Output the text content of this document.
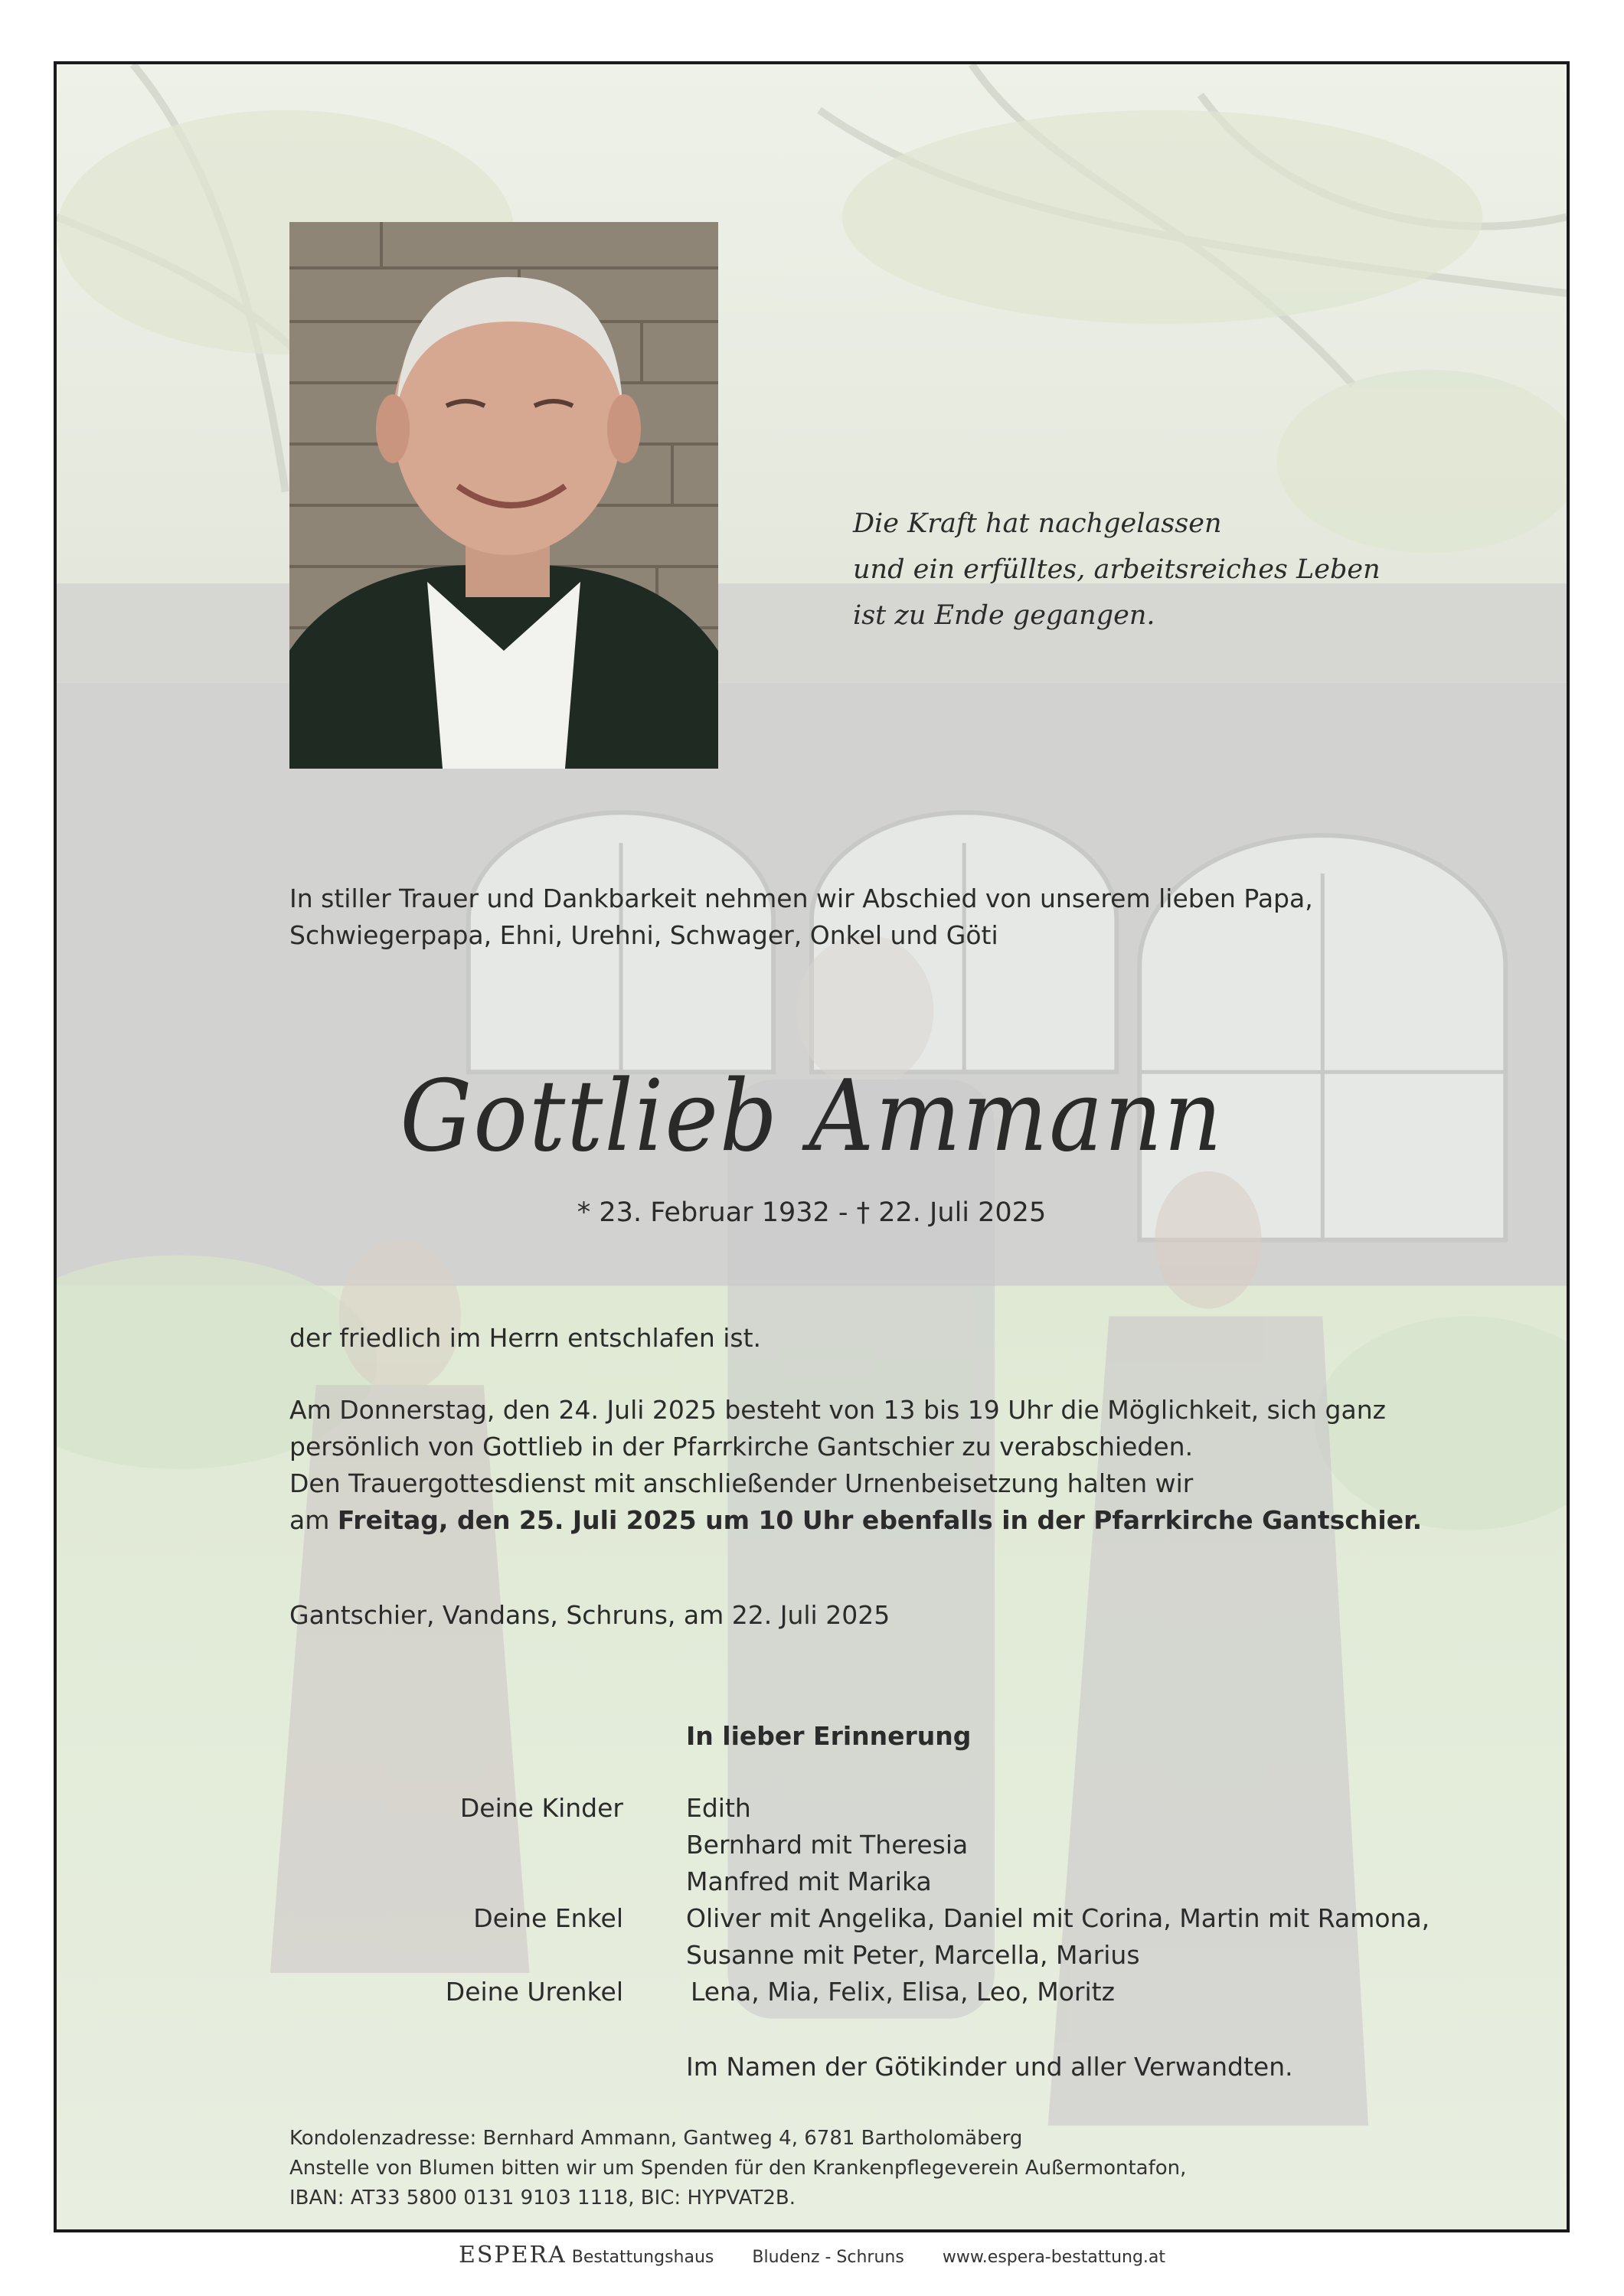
Die Kraft hat nachgelassen
und ein erfülltes, arbeitsreiches Leben
ist zu Ende gegangen.
In stiller Trauer und Dankbarkeit nehmen wir Abschied von unserem lieben Papa,
Schwiegerpapa, Ehni, Urehni, Schwager, Onkel und Göti
Gottlieb Ammann
* 23. Februar 1932 - † 22. Juli 2025
der friedlich im Herrn entschlafen ist.
Am Donnerstag, den 24. Juli 2025 besteht von 13 bis 19 Uhr die Möglichkeit, sich ganz
persönlich von Gottlieb in der Pfarrkirche Gantschier zu verabschieden.
Den Trauergottesdienst mit anschließender Urnenbeisetzung halten wir
am Freitag, den 25. Juli 2025 um 10 Uhr ebenfalls in der Pfarrkirche Gantschier.
Gantschier, Vandans, Schruns, am 22. Juli 2025
In lieber Erinnerung
Deine Kinder Edith
Bernhard mit Theresia
Manfred mit Marika
Deine Enkel Oliver mit Angelika, Daniel mit Corina, Martin mit Ramona,
Susanne mit Peter, Marcella, Marius
Deine Urenkel	Lena, Mia, Felix, Elisa, Leo, Moritz
Im Namen der Götikinder und aller Verwandten.
Kondolenzadresse: Bernhard Ammann, Gantweg 4, 6781 Bartholomäberg
Anstelle von Blumen bitten wir um Spenden für den Krankenpflegeverein Außermontafon,
IBAN: AT33 5800 0131 9103 1118, BIC: HYPVAT2B.
ESPERA Bestattungshaus Bludenz - Schruns www.espera-bestattung.at
